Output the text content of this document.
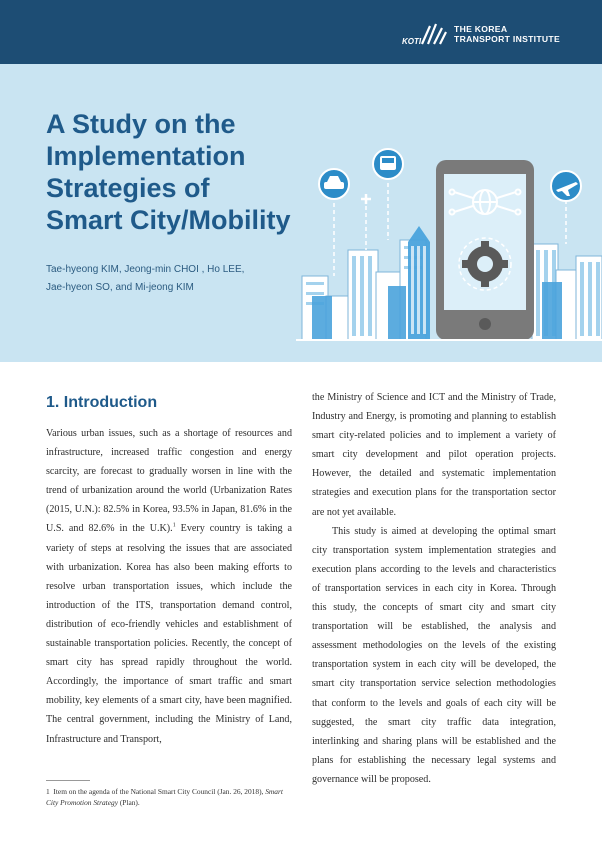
KOTI
THE KOREA
TRANSPORT INSTITUTE
A Study on the
Implementation
Strategies of
Smart City/Mobility
Tae-hyeong KIM, Jeong-min CHOI , Ho LEE,
Jae-hyeon SO, and Mi-jeong KIM
1. Introduction

Various urban issues, such as a shortage of resources and infrastructure, increased traffic congestion and energy scarcity, are forecast to gradually worsen in line with the trend of urbanization around the world (Urbanization Rates (2015, U.N.): 82.5% in Korea, 93.5% in Japan, 81.6% in the U.S. and 82.6% in the U.K).$^1$ Every country is taking a variety of steps at resolving the issues that are associated with urbanization. Korea has also been making efforts to resolve urban transportation issues, which include the introduction of the ITS, transportation demand control, distribution of eco-friendly vehicles and establishment of sustainable transportation policies. Recently, the concept of smart city has spread rapidly throughout the world. Accordingly, the importance of smart traffic and smart mobility, key elements of a smart city, have been magnified. The central government, including the Ministry of Land, Infrastructure and Transport,

the Ministry of Science and ICT and the Ministry of Trade, Industry and Energy, is promoting and planning to establish smart city-related policies and to implement a variety of smart city development and pilot operation projects. However, the detailed and systematic implementation strategies and execution plans for the transportation sector are not yet available.

This study is aimed at developing the optimal smart city transportation system implementation strategies and execution plans according to the levels and characteristics of transportation services in each city in Korea. Through this study, the concepts of smart city and smart city transportation will be established, the analysis and assessment methodologies on the levels of the existing transportation system in each city will be developed, the smart city transportation service selection methodologies that conform to the levels and goals of each city will be suggested, the smart city traffic data integration, interlinking and sharing plans will be established and the plans for establishing the necessary legal systems and governance will be proposed.

1 Item on the agenda of the National Smart City Council (Jan. 26, 2018), Smart City Promotion Strategy (Plan).
